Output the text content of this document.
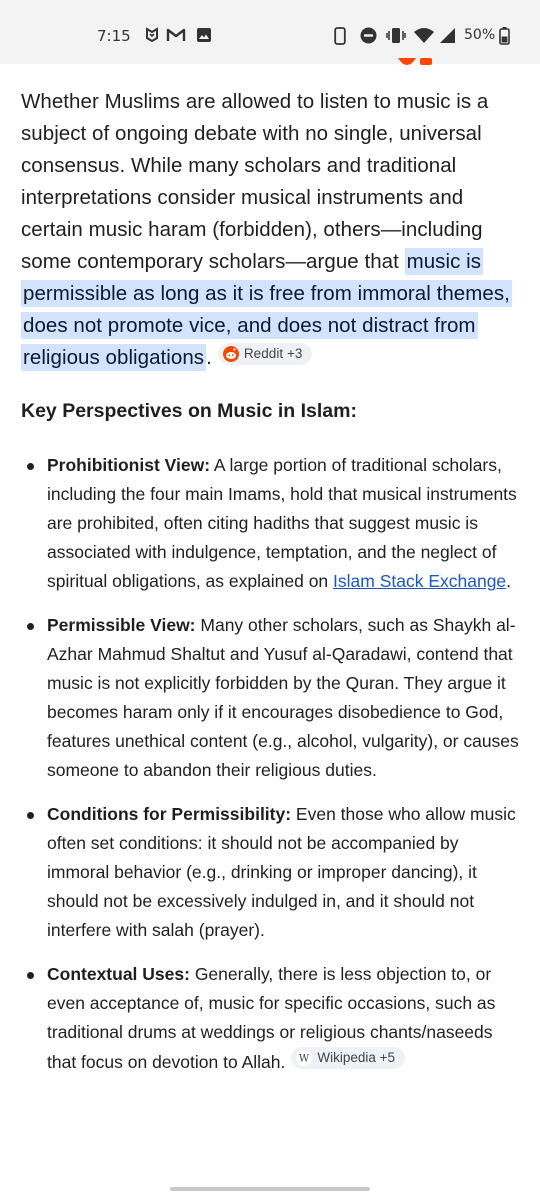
7:15	50%

Whether Muslims are allowed to listen to music is a subject of ongoing debate with no single, universal consensus. While many scholars and traditional interpretations consider musical instruments and certain music haram (forbidden), others—including some contemporary scholars—argue that music is permissible as long as it is free from immoral themes, does not promote vice, and does not distract from religious obligations. Reddit +3

Key Perspectives on Music in Islam:
Prohibitionist View: A large portion of traditional scholars, including the four main Imams, hold that musical instruments are prohibited, often citing hadiths that suggest music is associated with indulgence, temptation, and the neglect of spiritual obligations, as explained on Islam Stack Exchange.
Permissible View: Many other scholars, such as Shaykh al-Azhar Mahmud Shaltut and Yusuf al-Qaradawi, contend that music is not explicitly forbidden by the Quran. They argue it becomes haram only if it encourages disobedience to God, features unethical content (e.g., alcohol, vulgarity), or causes someone to abandon their religious duties.
Conditions for Permissibility: Even those who allow music often set conditions: it should not be accompanied by immoral behavior (e.g., drinking or improper dancing), it should not be excessively indulged in, and it should not interfere with salah (prayer).
Contextual Uses: Generally, there is less objection to, or even acceptance of, music for specific occasions, such as traditional drums at weddings or religious chants/naseeds that focus on devotion to Allah. W Wikipedia +5
